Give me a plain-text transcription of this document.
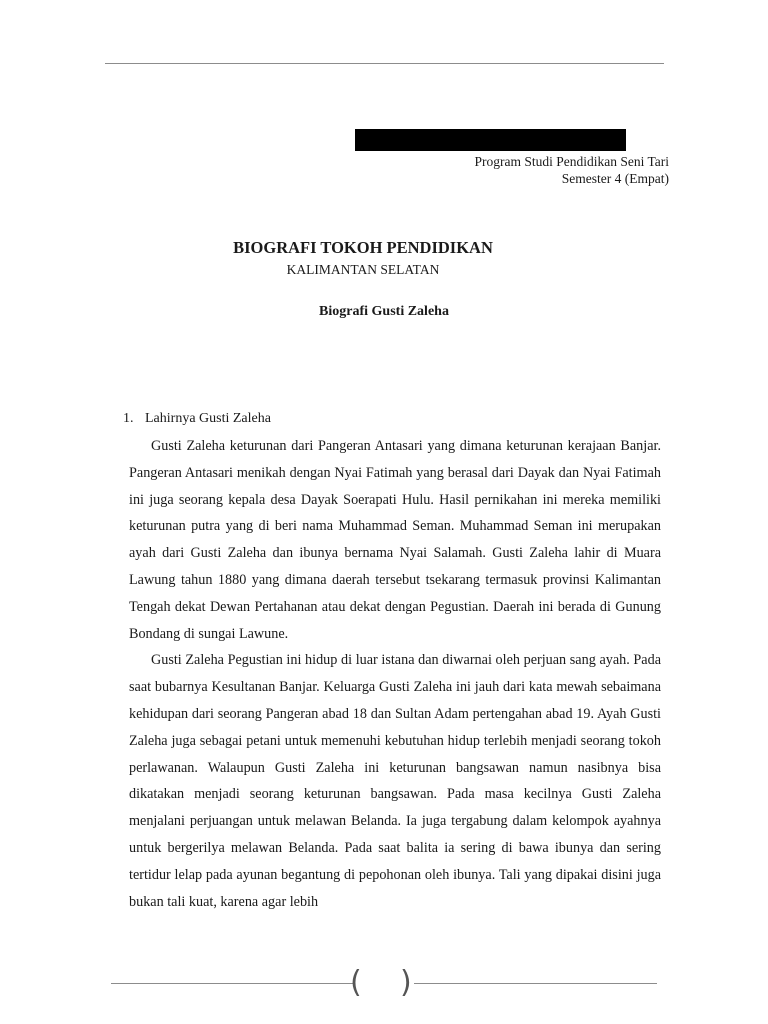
Program Studi Pendidikan Seni Tari
Semester 4 (Empat)
BIOGRAFI TOKOH PENDIDIKAN
KALIMANTAN SELATAN
Biografi Gusti Zaleha
1. Lahirnya Gusti Zaleha

Gusti Zaleha keturunan dari Pangeran Antasari yang dimana keturunan kerajaan Banjar. Pangeran Antasari menikah dengan Nyai Fatimah yang berasal dari Dayak dan Nyai Fatimah ini juga seorang kepala desa Dayak Soerapati Hulu. Hasil pernikahan ini mereka memiliki keturunan putra yang di beri nama Muhammad Seman. Muhammad Seman ini merupakan ayah dari Gusti Zaleha dan ibunya bernama Nyai Salamah. Gusti Zaleha lahir di Muara Lawung tahun 1880 yang dimana daerah tersebut tsekarang termasuk provinsi Kalimantan Tengah dekat Dewan Pertahanan atau dekat dengan Pegustian. Daerah ini berada di Gunung Bondang di sungai Lawune.

Gusti Zaleha Pegustian ini hidup di luar istana dan diwarnai oleh perjuan sang ayah. Pada saat bubarnya Kesultanan Banjar. Keluarga Gusti Zaleha ini jauh dari kata mewah sebaimana kehidupan dari seorang Pangeran abad 18 dan Sultan Adam pertengahan abad 19. Ayah Gusti Zaleha juga sebagai petani untuk memenuhi kebutuhan hidup terlebih menjadi seorang tokoh perlawanan. Walaupun Gusti Zaleha ini keturunan bangsawan namun nasibnya bisa dikatakan menjadi seorang keturunan bangsawan. Pada masa kecilnya Gusti Zaleha menjalani perjuangan untuk melawan Belanda. Ia juga tergabung dalam kelompok ayahnya untuk bergerilya melawan Belanda. Pada saat balita ia sering di bawa ibunya dan sering tertidur lelap pada ayunan begantung di pepohonan oleh ibunya. Tali yang dipakai disini juga bukan tali kuat, karena agar lebih

( )
